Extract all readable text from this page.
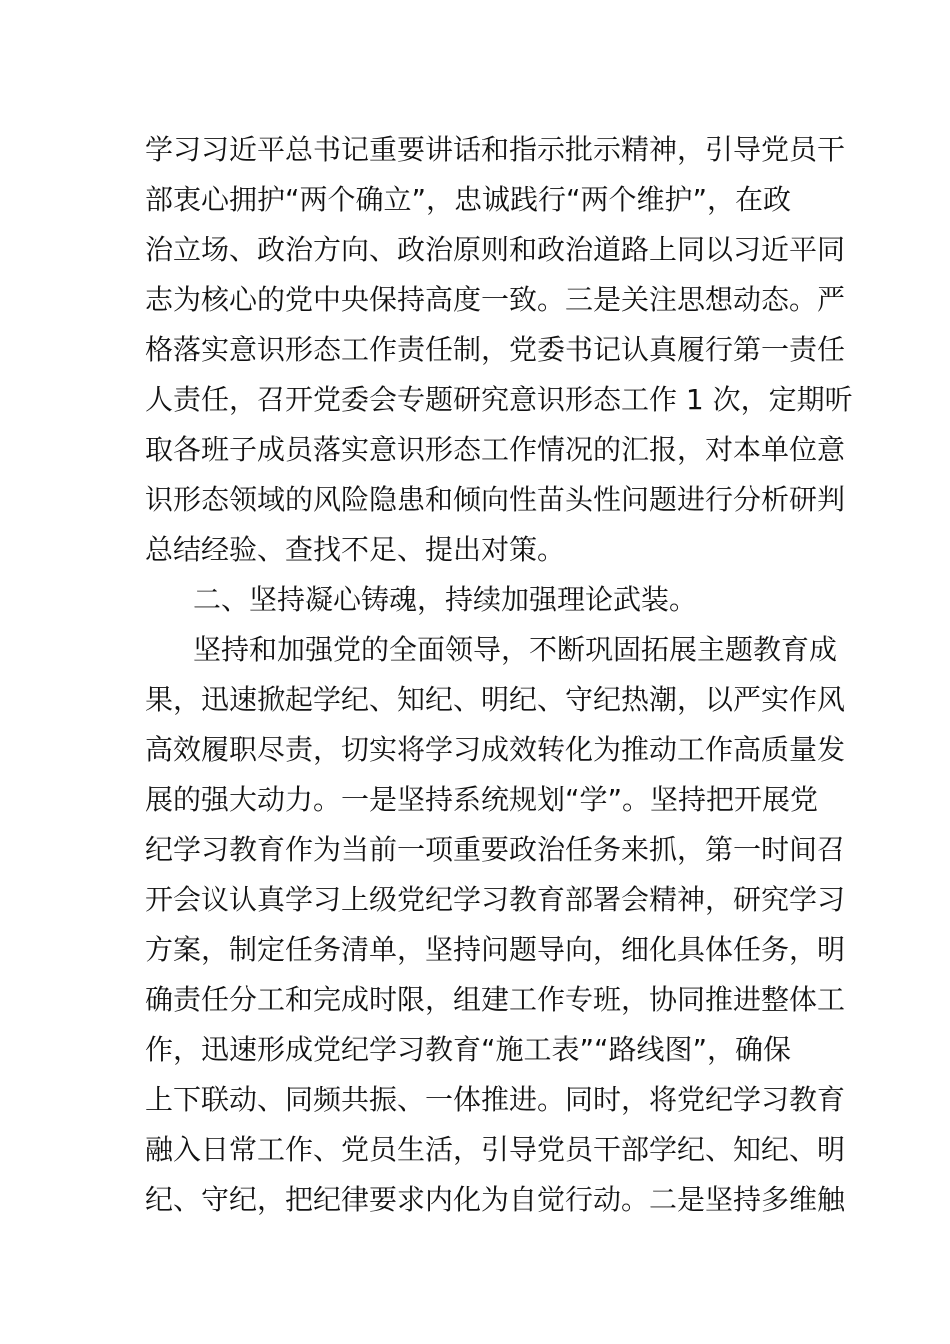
学习习近平总书记重要讲话和指示批示精神，引导党员干
部衷心拥护“两个确立”，忠诚践行“两个维护”，在政
治立场、政治方向、政治原则和政治道路上同以习近平同
志为核心的党中央保持高度一致。三是关注思想动态。严
格落实意识形态工作责任制，党委书记认真履行第一责任
人责任，召开党委会专题研究意识形态工作 1 次，定期听
取各班子成员落实意识形态工作情况的汇报，对本单位意
识形态领域的风险隐患和倾向性苗头性问题进行分析研判
总结经验、查找不足、提出对策。
二、坚持凝心铸魂，持续加强理论武装。
坚持和加强党的全面领导，不断巩固拓展主题教育成
果，迅速掀起学纪、知纪、明纪、守纪热潮，以严实作风
高效履职尽责，切实将学习成效转化为推动工作高质量发
展的强大动力。一是坚持系统规划“学”。坚持把开展党
纪学习教育作为当前一项重要政治任务来抓，第一时间召
开会议认真学习上级党纪学习教育部署会精神，研究学习
方案，制定任务清单，坚持问题导向，细化具体任务，明
确责任分工和完成时限，组建工作专班，协同推进整体工
作，迅速形成党纪学习教育“施工表”“路线图”，确保
上下联动、同频共振、一体推进。同时，将党纪学习教育
融入日常工作、党员生活，引导党员干部学纪、知纪、明
纪、守纪，把纪律要求内化为自觉行动。二是坚持多维触
